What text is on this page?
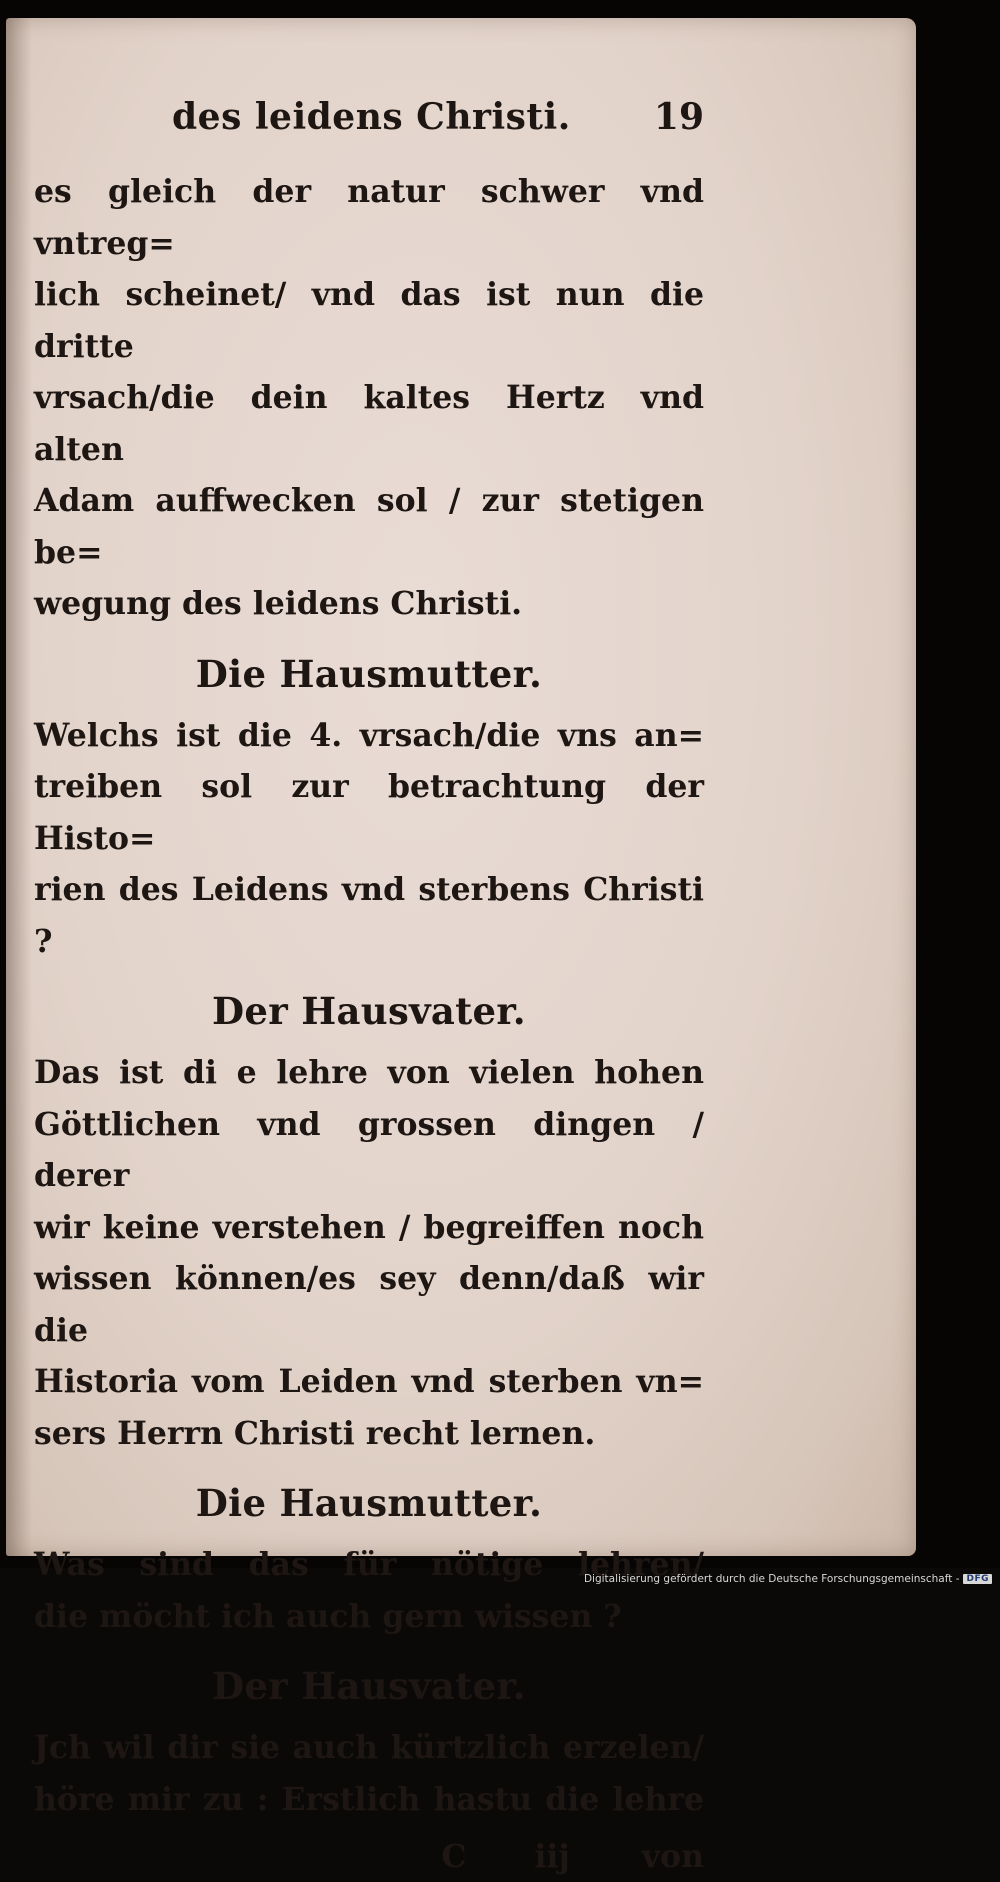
des leidens Christi. 19
es gleich der natur schwer vnd vntreg=
lich scheinet/ vnd das ist nun die dritte
vrsach/die dein kaltes Hertz vnd alten
Adam auffwecken sol / zur stetigen be=
wegung des leidens Christi.
Die Hausmutter.
Welchs ist die 4. vrsach/die vns an=
treiben sol zur betrachtung der Histo=
rien des Leidens vnd sterbens Christi ?
Der Hausvater.
Das ist di e lehre von vielen hohen
Göttlichen vnd grossen dingen / derer
wir keine verstehen / begreiffen noch
wissen können/es sey denn/daß wir die
Historia vom Leiden vnd sterben vn=
sers Herrn Christi recht lernen.
Die Hausmutter.
Was sind das für nötige lehren/
die möcht ich auch gern wissen ?
Der Hausvater.
Jch wil dir sie auch kürtzlich erzelen/
höre mir zu : Erstlich hastu die lehre
C iij von
Digitalisierung gefördert durch die Deutsche Forschungsgemeinschaft - DFG
